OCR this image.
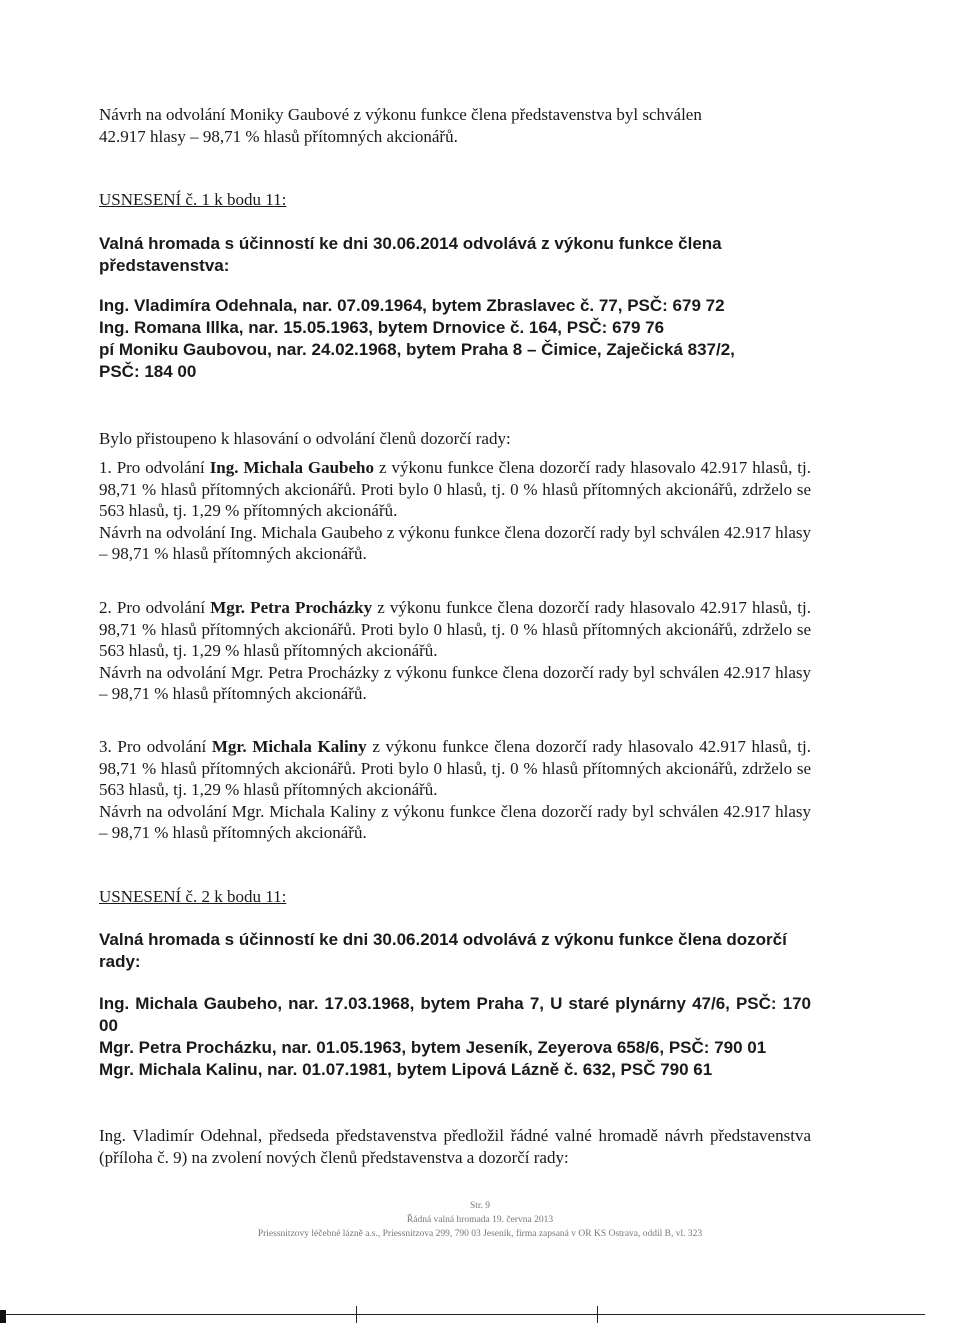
Návrh na odvolání Moniky Gaubové z výkonu funkce člena představenstva byl schválen
42.917 hlasy – 98,71 % hlasů přítomných akcionářů.
USNESENÍ č. 1 k bodu 11:
Valná hromada s účinností ke dni 30.06.2014 odvolává z výkonu funkce člena představenstva:
Ing. Vladimíra Odehnala, nar. 07.09.1964, bytem Zbraslavec č. 77, PSČ: 679 72
Ing. Romana Illka, nar. 15.05.1963, bytem Drnovice č. 164, PSČ: 679 76
pí Moniku Gaubovou, nar. 24.02.1968, bytem Praha 8 – Čimice, Zaječická 837/2,
PSČ: 184 00
Bylo přistoupeno k hlasování o odvolání členů dozorčí rady:
1. Pro odvolání Ing. Michala Gaubeho z výkonu funkce člena dozorčí rady hlasovalo 42.917 hlasů, tj. 98,71 % hlasů přítomných akcionářů. Proti bylo 0 hlasů, tj. 0 % hlasů přítomných akcionářů, zdrželo se 563 hlasů, tj. 1,29 % přítomných akcionářů.
Návrh na odvolání Ing. Michala Gaubeho z výkonu funkce člena dozorčí rady byl schválen 42.917 hlasy – 98,71 % hlasů přítomných akcionářů.
2. Pro odvolání Mgr. Petra Procházky z výkonu funkce člena dozorčí rady hlasovalo 42.917 hlasů, tj. 98,71 % hlasů přítomných akcionářů. Proti bylo 0 hlasů, tj. 0 % hlasů přítomných akcionářů, zdrželo se 563 hlasů, tj. 1,29 % hlasů přítomných akcionářů.
Návrh na odvolání Mgr. Petra Procházky z výkonu funkce člena dozorčí rady byl schválen 42.917 hlasy – 98,71 % hlasů přítomných akcionářů.
3. Pro odvolání Mgr. Michala Kaliny z výkonu funkce člena dozorčí rady hlasovalo 42.917 hlasů, tj. 98,71 % hlasů přítomných akcionářů. Proti bylo 0 hlasů, tj. 0 % hlasů přítomných akcionářů, zdrželo se 563 hlasů, tj. 1,29 % hlasů přítomných akcionářů.
Návrh na odvolání Mgr. Michala Kaliny z výkonu funkce člena dozorčí rady byl schválen 42.917 hlasy – 98,71 % hlasů přítomných akcionářů.
USNESENÍ č. 2 k bodu 11:
Valná hromada s účinností ke dni 30.06.2014 odvolává z výkonu funkce člena dozorčí rady:
Ing. Michala Gaubeho, nar. 17.03.1968, bytem Praha 7, U staré plynárny 47/6, PSČ: 170 00
Mgr. Petra Procházku, nar. 01.05.1963, bytem Jeseník, Zeyerova 658/6, PSČ: 790 01
Mgr. Michala Kalinu, nar. 01.07.1981, bytem Lipová Lázně č. 632, PSČ 790 61
Ing. Vladimír Odehnal, předseda představenstva předložil řádné valné hromadě návrh představenstva (příloha č. 9) na zvolení nových členů představenstva a dozorčí rady:
Str. 9
Řádná valná hromada 19. června 2013
Priessnitzovy léčebné lázně a.s., Priessnitzova 299, 790 03 Jeseník, firma zapsaná v OR KS Ostrava, oddíl B, vl. 323
